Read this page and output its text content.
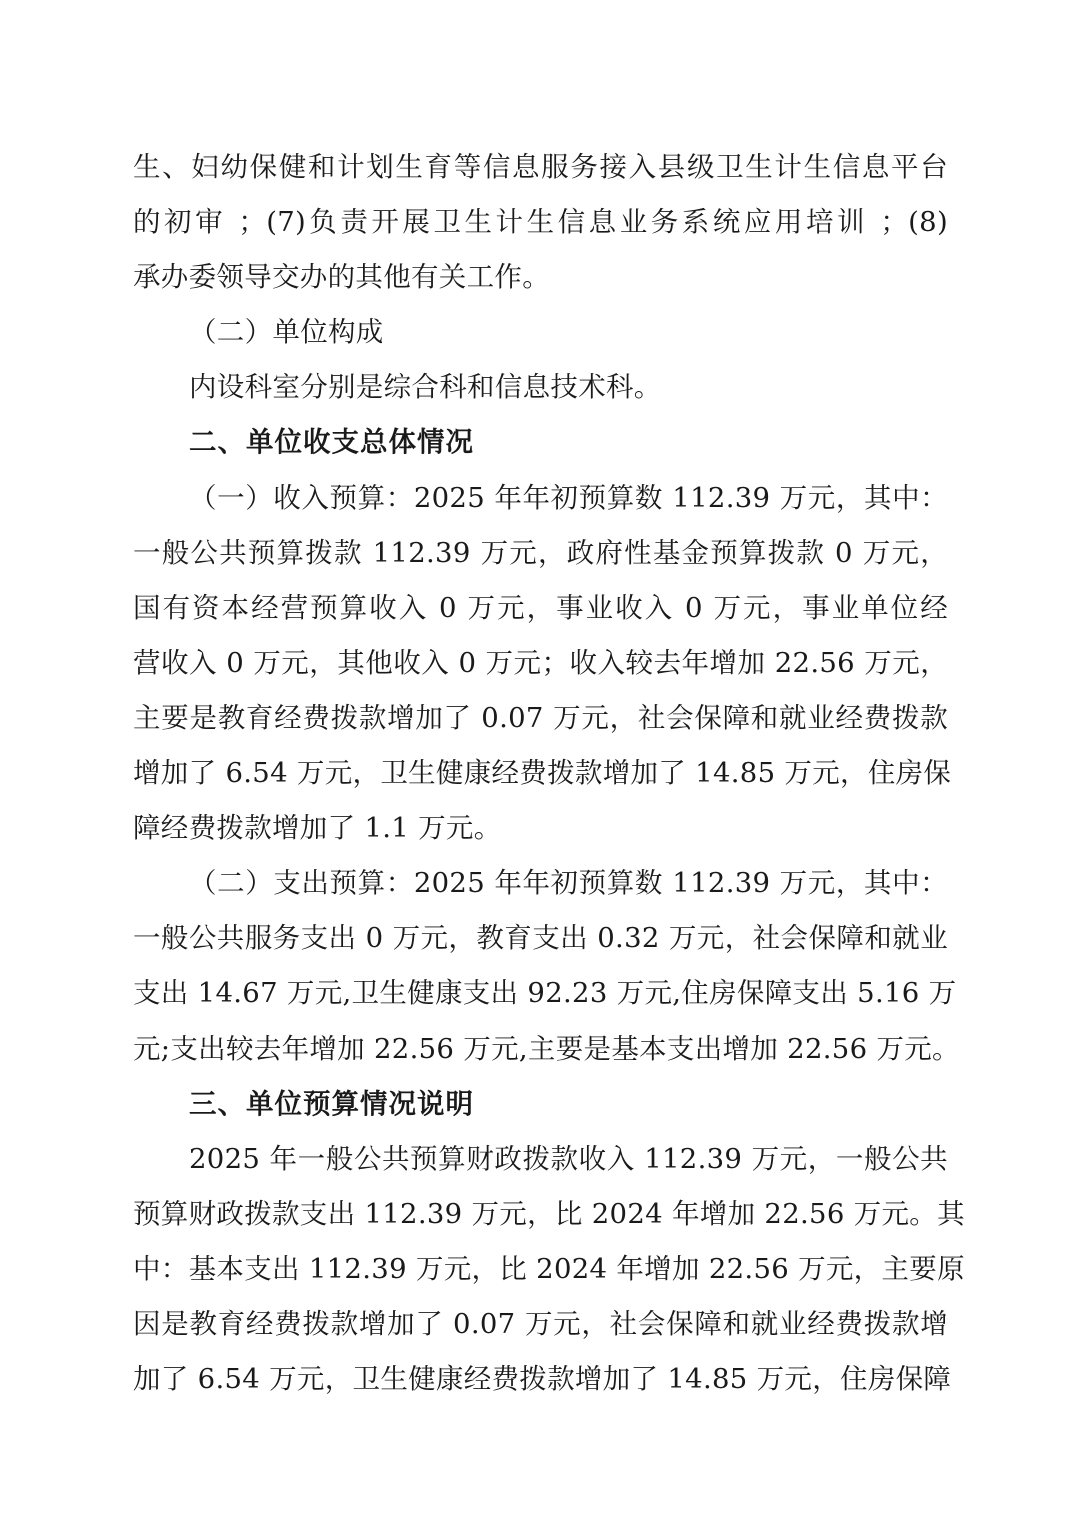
生、妇幼保健和计划生育等信息服务接入县级卫生计生信息平台
的初审 ；(7)负责开展卫生计生信息业务系统应用培训 ；(8)
承办委领导交办的其他有关工作。
（二）单位构成
内设科室分别是综合科和信息技术科。
二、单位收支总体情况
（一）收入预算：2025 年年初预算数 112.39 万元，其中：
一般公共预算拨款 112.39 万元，政府性基金预算拨款 0 万元，
国有资本经营预算收入 0 万元，事业收入 0 万元，事业单位经
营收入 0 万元，其他收入 0 万元；收入较去年增加 22.56 万元，
主要是教育经费拨款增加了 0.07 万元，社会保障和就业经费拨款
增加了 6.54 万元，卫生健康经费拨款增加了 14.85 万元，住房保
障经费拨款增加了 1.1 万元。
（二）支出预算：2025 年年初预算数 112.39 万元，其中：
一般公共服务支出 0 万元，教育支出 0.32 万元，社会保障和就业
支出 14.67 万元,卫生健康支出 92.23 万元,住房保障支出 5.16 万
元;支出较去年增加 22.56 万元,主要是基本支出增加 22.56 万元。
三、单位预算情况说明
2025 年一般公共预算财政拨款收入 112.39 万元，一般公共
预算财政拨款支出 112.39 万元，比 2024 年增加 22.56 万元。其
中：基本支出 112.39 万元，比 2024 年增加 22.56 万元，主要原
因是教育经费拨款增加了 0.07 万元，社会保障和就业经费拨款增
加了 6.54 万元，卫生健康经费拨款增加了 14.85 万元，住房保障
